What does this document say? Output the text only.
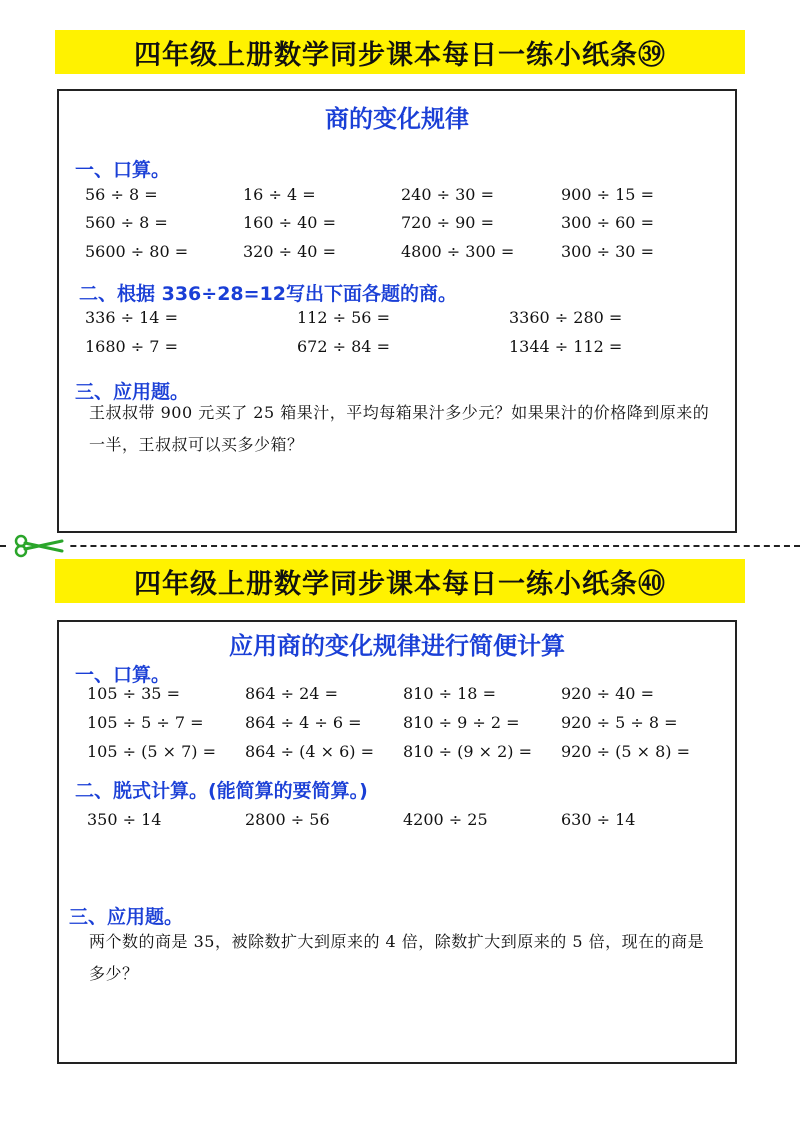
四年级上册数学同步课本每日一练小纸条㊴
商的变化规律
一、口算。
56 ÷ 8 =	16 ÷ 4 =	240 ÷ 30 =	900 ÷ 15 =
560 ÷ 8 =	160 ÷ 40 =	720 ÷ 90 =	300 ÷ 60 =
5600 ÷ 80 =	320 ÷ 40 =	4800 ÷ 300 =	300 ÷ 30 =
二、根据 336÷28=12写出下面各题的商。
336 ÷ 14 =	112 ÷ 56 =	3360 ÷ 280 =
1680 ÷ 7 =	672 ÷ 84 =	1344 ÷ 112 =
三、应用题。
王叔叔带 900 元买了 25 箱果汁，平均每箱果汁多少元？如果果汁的价格降到原来的一半，王叔叔可以买多少箱？
四年级上册数学同步课本每日一练小纸条㊵
应用商的变化规律进行简便计算
一、口算。
105 ÷ 35 =	864 ÷ 24 =	810 ÷ 18 =	920 ÷ 40 =
105 ÷ 5 ÷ 7 =	864 ÷ 4 ÷ 6 =	810 ÷ 9 ÷ 2 =	920 ÷ 5 ÷ 8 =
105 ÷ (5 × 7) = 864 ÷ (4 × 6) = 810 ÷ (9 × 2) = 920 ÷ (5 × 8) =
二、脱式计算。(能简算的要简算。)
350 ÷ 14	2800 ÷ 56	4200 ÷ 25	630 ÷ 14
三、应用题。
两个数的商是 35，被除数扩大到原来的 4 倍，除数扩大到原来的 5 倍，现在的商是多少？
